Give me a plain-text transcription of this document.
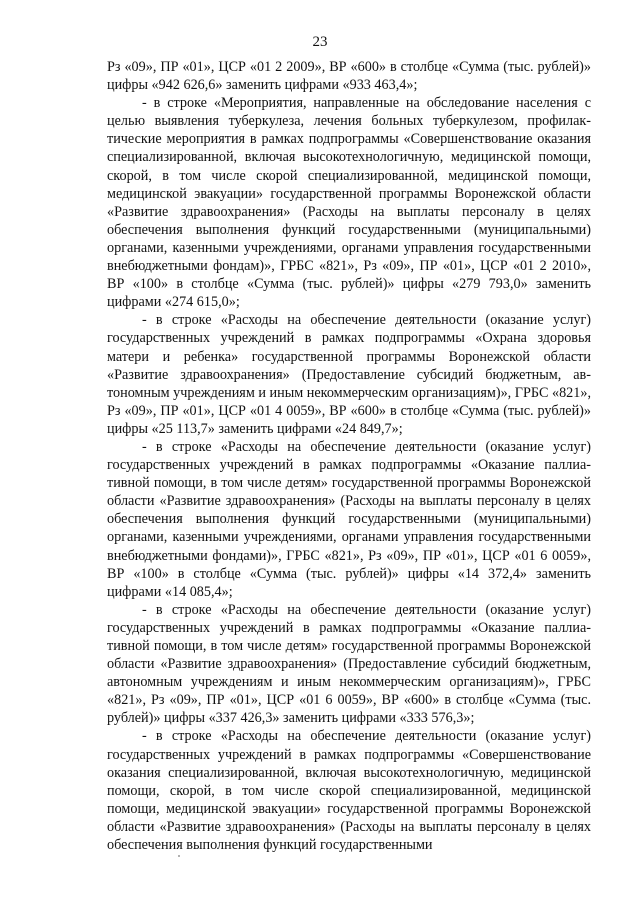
23

Рз «09», ПР «01», ЦСР «01 2 2009», ВР «600» в столбце «Сумма (тыс. рублей)» цифры «942 626,6» заменить цифрами «933 463,4»;

- в строке «Мероприятия, направленные на обследование населения с целью выявления туберкулеза, лечения больных туберкулезом, профилактические мероприятия в рамках подпрограммы «Совершенствование оказания специализированной, включая высокотехнологичную, медицинской помощи, скорой, в том числе скорой специализированной, медицинской помощи, медицинской эвакуации» государственной программы Воронежской области «Развитие здравоохранения» (Расходы на выплаты персоналу в целях обеспечения выполнения функций государственными (муниципальными) органами, казенными учреждениями, органами управления государственными внебюджетными фондам)», ГРБС «821», Рз «09», ПР «01», ЦСР «01 2 2010», ВР «100» в столбце «Сумма (тыс. рублей)» цифры «279 793,0» заменить цифрами «274 615,0»;

- в строке «Расходы на обеспечение деятельности (оказание услуг) государственных учреждений в рамках подпрограммы «Охрана здоровья матери и ребенка» государственной программы Воронежской области «Развитие здравоохранения» (Предоставление субсидий бюджетным, автономным учреждениям и иным некоммерческим организациям)», ГРБС «821», Рз «09», ПР «01», ЦСР «01 4 0059», ВР «600» в столбце «Сумма (тыс. рублей)» цифры «25 113,7» заменить цифрами «24 849,7»;

- в строке «Расходы на обеспечение деятельности (оказание услуг) государственных учреждений в рамках подпрограммы «Оказание паллиативной помощи, в том числе детям» государственной программы Воронежской области «Развитие здравоохранения» (Расходы на выплаты персоналу в целях обеспечения выполнения функций государственными (муниципальными) органами, казенными учреждениями, органами управления государственными внебюджетными фондами)», ГРБС «821», Рз «09», ПР «01», ЦСР «01 6 0059», ВР «100» в столбце «Сумма (тыс. рублей)» цифры «14 372,4» заменить цифрами «14 085,4»;

- в строке «Расходы на обеспечение деятельности (оказание услуг) государственных учреждений в рамках подпрограммы «Оказание паллиативной помощи, в том числе детям» государственной программы Воронежской области «Развитие здравоохранения» (Предоставление субсидий бюджетным, автономным учреждениям и иным некоммерческим организациям)», ГРБС «821», Рз «09», ПР «01», ЦСР «01 6 0059», ВР «600» в столбце «Сумма (тыс. рублей)» цифры «337 426,3» заменить цифрами «333 576,3»;

- в строке «Расходы на обеспечение деятельности (оказание услуг) государственных учреждений в рамках подпрограммы «Совершенствование оказания специализированной, включая высокотехнологичную, медицинской помощи, скорой, в том числе скорой специализированной, медицинской помощи, медицинской эвакуации» государственной программы Воронежской области «Развитие здравоохранения» (Расходы на выплаты персоналу в целях обеспечения выполнения функций государственными
